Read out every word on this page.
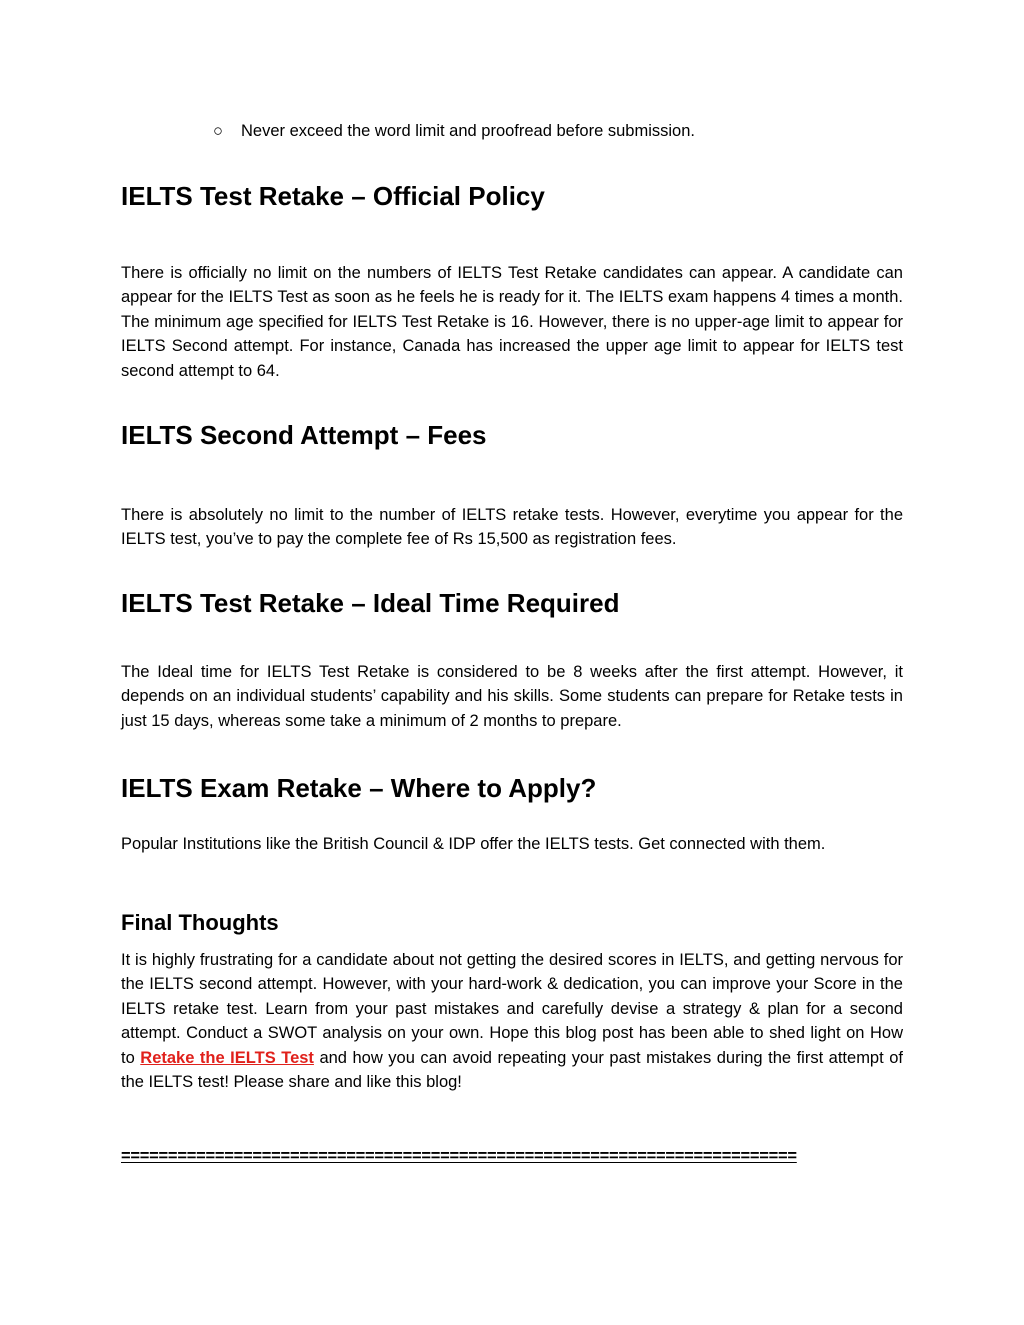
○ Never exceed the word limit and proofread before submission.
IELTS Test Retake – Official Policy

There is officially no limit on the numbers of IELTS Test Retake candidates can appear. A candidate can appear for the IELTS Test as soon as he feels he is ready for it. The IELTS exam happens 4 times a month. The minimum age specified for IELTS Test Retake is 16. However, there is no upper-age limit to appear for IELTS Second attempt. For instance, Canada has increased the upper age limit to appear for IELTS test second attempt to 64.

IELTS Second Attempt – Fees

There is absolutely no limit to the number of IELTS retake tests. However, everytime you appear for the IELTS test, you’ve to pay the complete fee of Rs 15,500 as registration fees.

IELTS Test Retake – Ideal Time Required

The Ideal time for IELTS Test Retake is considered to be 8 weeks after the first attempt. However, it depends on an individual students’ capability and his skills. Some students can prepare for Retake tests in just 15 days, whereas some take a minimum of 2 months to prepare.

IELTS Exam Retake – Where to Apply?

Popular Institutions like the British Council & IDP offer the IELTS tests. Get connected with them.

Final Thoughts

It is highly frustrating for a candidate about not getting the desired scores in IELTS, and getting nervous for the IELTS second attempt. However, with your hard-work & dedication, you can improve your Score in the IELTS retake test. Learn from your past mistakes and carefully devise a strategy & plan for a second attempt. Conduct a SWOT analysis on your own. Hope this blog post has been able to shed light on How to Retake the IELTS Test and how you can avoid repeating your past mistakes during the first attempt of the IELTS test! Please share and like this blog!

========================================================================
